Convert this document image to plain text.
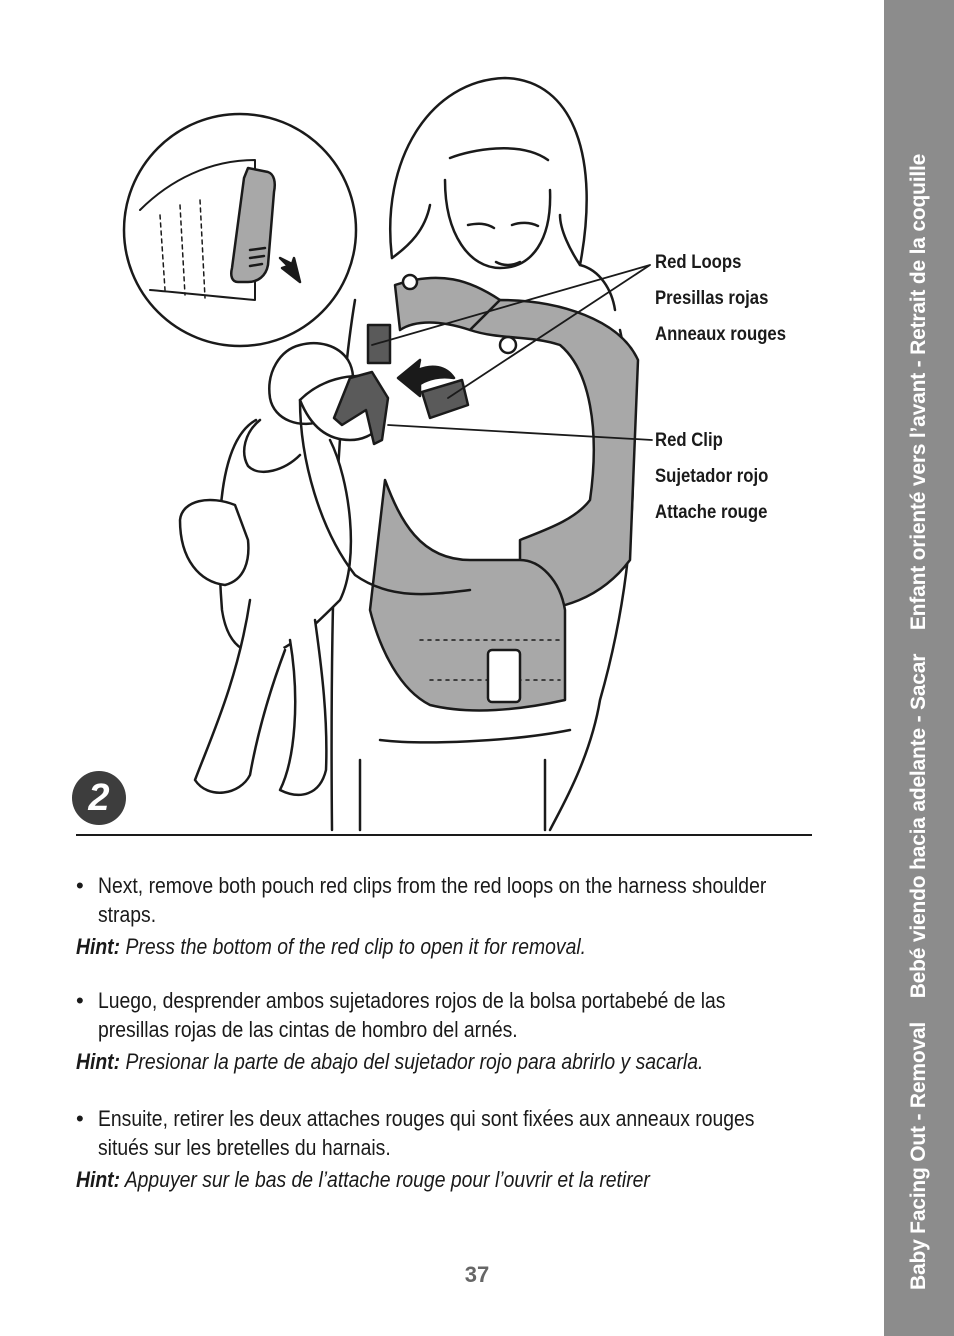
Baby Facing Out - Removal Bebé viendo hacia adelante - Sacar Enfant orienté vers l’avant - Retrait de la coquille
Red Loops
Presillas rojas
Anneaux rouges
Red Clip
Sujetador rojo
Attache rouge
2
• Next, remove both pouch red clips from the red loops on the harness shoulder straps.
Hint: Press the bottom of the red clip to open it for removal.
• Luego, desprender ambos sujetadores rojos de la bolsa portabebé de las presillas rojas de las cintas de hombro del arnés.
Hint: Presionar la parte de abajo del sujetador rojo para abrirlo y sacarla.
• Ensuite, retirer les deux attaches rouges qui sont fixées aux anneaux rouges situés sur les bretelles du harnais.
Hint: Appuyer sur le bas de l’attache rouge pour l’ouvrir et la retirer
37
